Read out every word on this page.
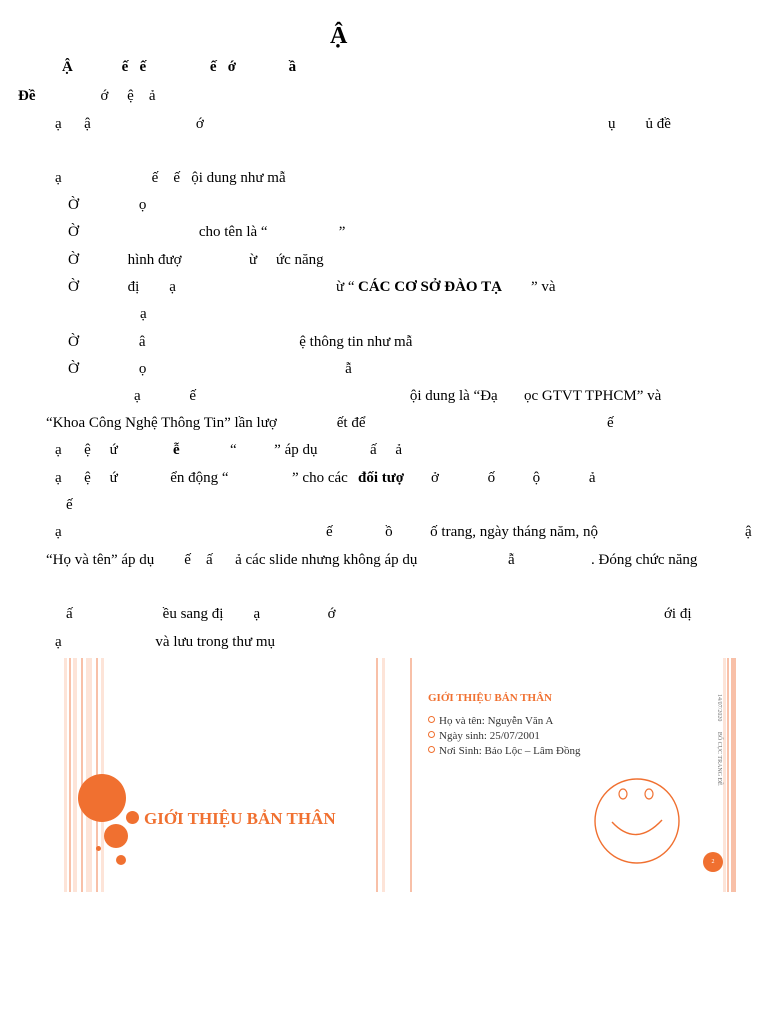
Ậ
Ậ             ế   ế                 ế   ớ              ầ
Đề	ớ     ệ    ả
ạ      ậ                            ớ	ụ        ủ đề
ạ                        ế    ế   ội dung như mẫ
Ờ                ọ
Ờ                                cho tên là “                   ”
Ờ             hình đượ                  ừ     ức năng
Ờ             đị        ạ	ừ “ CÁC CƠ SỞ ĐÀO TẠ ” và
ạ
Ờ                â                                         ệ thông tin như mẫ
Ờ                ọ                                                     ẫ
ạ             ế                                                         ội dung là “Đạ       ọc GTVT TPHCM” và
“Khoa Công Nghệ Thông Tin” lần lượ                ết để	ế
ạ      ệ     ứ	ễ	“          ” áp dụ              ấ     ả
ạ      ệ     ứ              ển động “	” cho các đối tượ ở             ố          ộ             ả
ế
ạ	ế              ồ          ố trang, ngày tháng năm, nộ	ậ
“Họ và tên” áp dụ        ế    ấ      ả các slide nhưng không áp dụ	ẫ	. Đóng chức năng
ấ                        ều sang đị        ạ                  ớ	ới đị
ạ                         và lưu trong thư mụ
GIỚI THIỆU BẢN THÂN
GIỚI THIỆU BẢN THÂN
Họ và tên: Nguyễn Văn A
Ngày sinh: 25/07/2001
Nơi Sinh: Bảo Lộc – Lâm Đồng	14/07/2020       BỐ CỤC TRANG ĐỀ
2
